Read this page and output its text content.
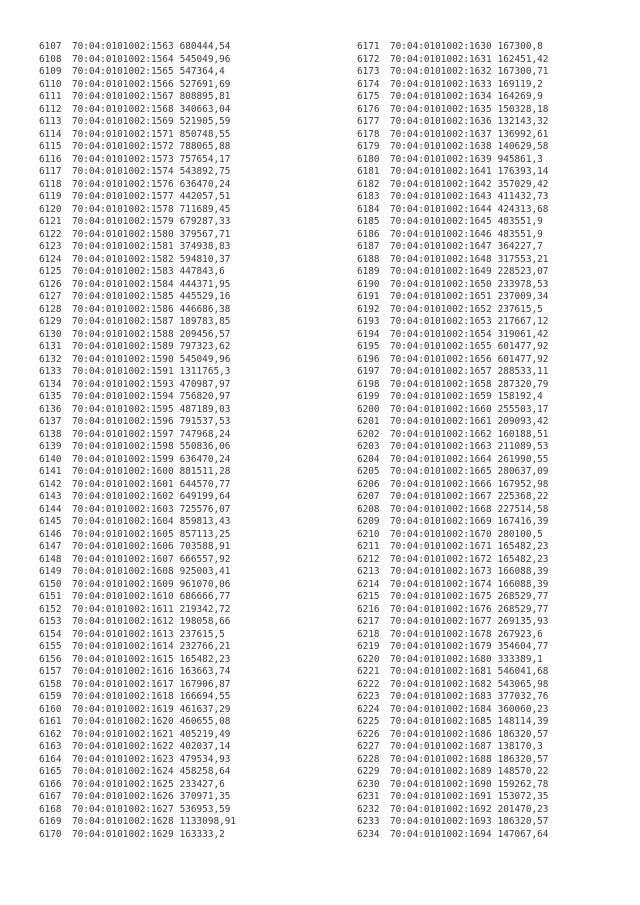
6107 70:04:0101002:1563 680444,54
6108 70:04:0101002:1564 545049,96
6109 70:04:0101002:1565 547364,4
6110 70:04:0101002:1566 527691,69
6111 70:04:0101002:1567 808895,81
6112 70:04:0101002:1568 340663,04
6113 70:04:0101002:1569 521905,59
6114 70:04:0101002:1571 850748,55
6115 70:04:0101002:1572 788065,88
6116 70:04:0101002:1573 757654,17
6117 70:04:0101002:1574 543892,75
6118 70:04:0101002:1576 636470,24
6119 70:04:0101002:1577 442057,51
6120 70:04:0101002:1578 711689,45
6121 70:04:0101002:1579 679287,33
6122 70:04:0101002:1580 379567,71
6123 70:04:0101002:1581 374938,83
6124 70:04:0101002:1582 594810,37
6125 70:04:0101002:1583 447843,6
6126 70:04:0101002:1584 444371,95
6127 70:04:0101002:1585 445529,16
6128 70:04:0101002:1586 446686,38
6129 70:04:0101002:1587 189783,85
6130 70:04:0101002:1588 209456,57
6131 70:04:0101002:1589 797323,62
6132 70:04:0101002:1590 545049,96
6133 70:04:0101002:1591 1311765,3
6134 70:04:0101002:1593 470987,97
6135 70:04:0101002:1594 756820,97
6136 70:04:0101002:1595 487189,03
6137 70:04:0101002:1596 791537,53
6138 70:04:0101002:1597 747968,24
6139 70:04:0101002:1598 550836,06
6140 70:04:0101002:1599 636470,24
6141 70:04:0101002:1600 881511,28
6142 70:04:0101002:1601 644570,77
6143 70:04:0101002:1602 649199,64
6144 70:04:0101002:1603 725576,07
6145 70:04:0101002:1604 859813,43
6146 70:04:0101002:1605 857113,25
6147 70:04:0101002:1606 703588,91
6148 70:04:0101002:1607 666557,92
6149 70:04:0101002:1608 925003,41
6150 70:04:0101002:1609 961070,06
6151 70:04:0101002:1610 686666,77
6152 70:04:0101002:1611 219342,72
6153 70:04:0101002:1612 198058,66
6154 70:04:0101002:1613 237615,5
6155 70:04:0101002:1614 232766,21
6156 70:04:0101002:1615 165482,23
6157 70:04:0101002:1616 163663,74
6158 70:04:0101002:1617 167906,87
6159 70:04:0101002:1618 166694,55
6160 70:04:0101002:1619 461637,29
6161 70:04:0101002:1620 460655,08
6162 70:04:0101002:1621 405219,49
6163 70:04:0101002:1622 402037,14
6164 70:04:0101002:1623 479534,93
6165 70:04:0101002:1624 458258,64
6166 70:04:0101002:1625 233427,6
6167 70:04:0101002:1626 370971,35
6168 70:04:0101002:1627 536953,59
6169 70:04:0101002:1628 1133098,91
6170 70:04:0101002:1629 163333,2
6171 70:04:0101002:1630 167300,8
6172 70:04:0101002:1631 162451,42
6173 70:04:0101002:1632 167300,71
6174 70:04:0101002:1633 169119,2
6175 70:04:0101002:1634 164269,9
6176 70:04:0101002:1635 150328,18
6177 70:04:0101002:1636 132143,32
6178 70:04:0101002:1637 136992,61
6179 70:04:0101002:1638 140629,58
6180 70:04:0101002:1639 945861,3
6181 70:04:0101002:1641 176393,14
6182 70:04:0101002:1642 357029,42
6183 70:04:0101002:1643 411432,73
6184 70:04:0101002:1644 424313,68
6185 70:04:0101002:1645 483551,9
6186 70:04:0101002:1646 483551,9
6187 70:04:0101002:1647 364227,7
6188 70:04:0101002:1648 317553,21
6189 70:04:0101002:1649 228523,07
6190 70:04:0101002:1650 233978,53
6191 70:04:0101002:1651 237009,34
6192 70:04:0101002:1652 237615,5
6193 70:04:0101002:1653 217667,12
6194 70:04:0101002:1654 319061,42
6195 70:04:0101002:1655 601477,92
6196 70:04:0101002:1656 601477,92
6197 70:04:0101002:1657 288533,11
6198 70:04:0101002:1658 287320,79
6199 70:04:0101002:1659 158192,4
6200 70:04:0101002:1660 255503,17
6201 70:04:0101002:1661 209093,42
6202 70:04:0101002:1662 160188,51
6203 70:04:0101002:1663 211089,53
6204 70:04:0101002:1664 261990,55
6205 70:04:0101002:1665 280637,09
6206 70:04:0101002:1666 167952,98
6207 70:04:0101002:1667 225368,22
6208 70:04:0101002:1668 227514,58
6209 70:04:0101002:1669 167416,39
6210 70:04:0101002:1670 280100,5
6211 70:04:0101002:1671 165482,23
6212 70:04:0101002:1672 165482,23
6213 70:04:0101002:1673 166088,39
6214 70:04:0101002:1674 166088,39
6215 70:04:0101002:1675 268529,77
6216 70:04:0101002:1676 268529,77
6217 70:04:0101002:1677 269135,93
6218 70:04:0101002:1678 267923,6
6219 70:04:0101002:1679 354604,77
6220 70:04:0101002:1680 333389,1
6221 70:04:0101002:1681 546041,68
6222 70:04:0101002:1682 543065,98
6223 70:04:0101002:1683 377032,76
6224 70:04:0101002:1684 360060,23
6225 70:04:0101002:1685 148114,39
6226 70:04:0101002:1686 186320,57
6227 70:04:0101002:1687 138170,3
6228 70:04:0101002:1688 186320,57
6229 70:04:0101002:1689 148570,22
6230 70:04:0101002:1690 159262,78
6231 70:04:0101002:1691 153072,35
6232 70:04:0101002:1692 201470,23
6233 70:04:0101002:1693 186320,57
6234 70:04:0101002:1694 147067,64
